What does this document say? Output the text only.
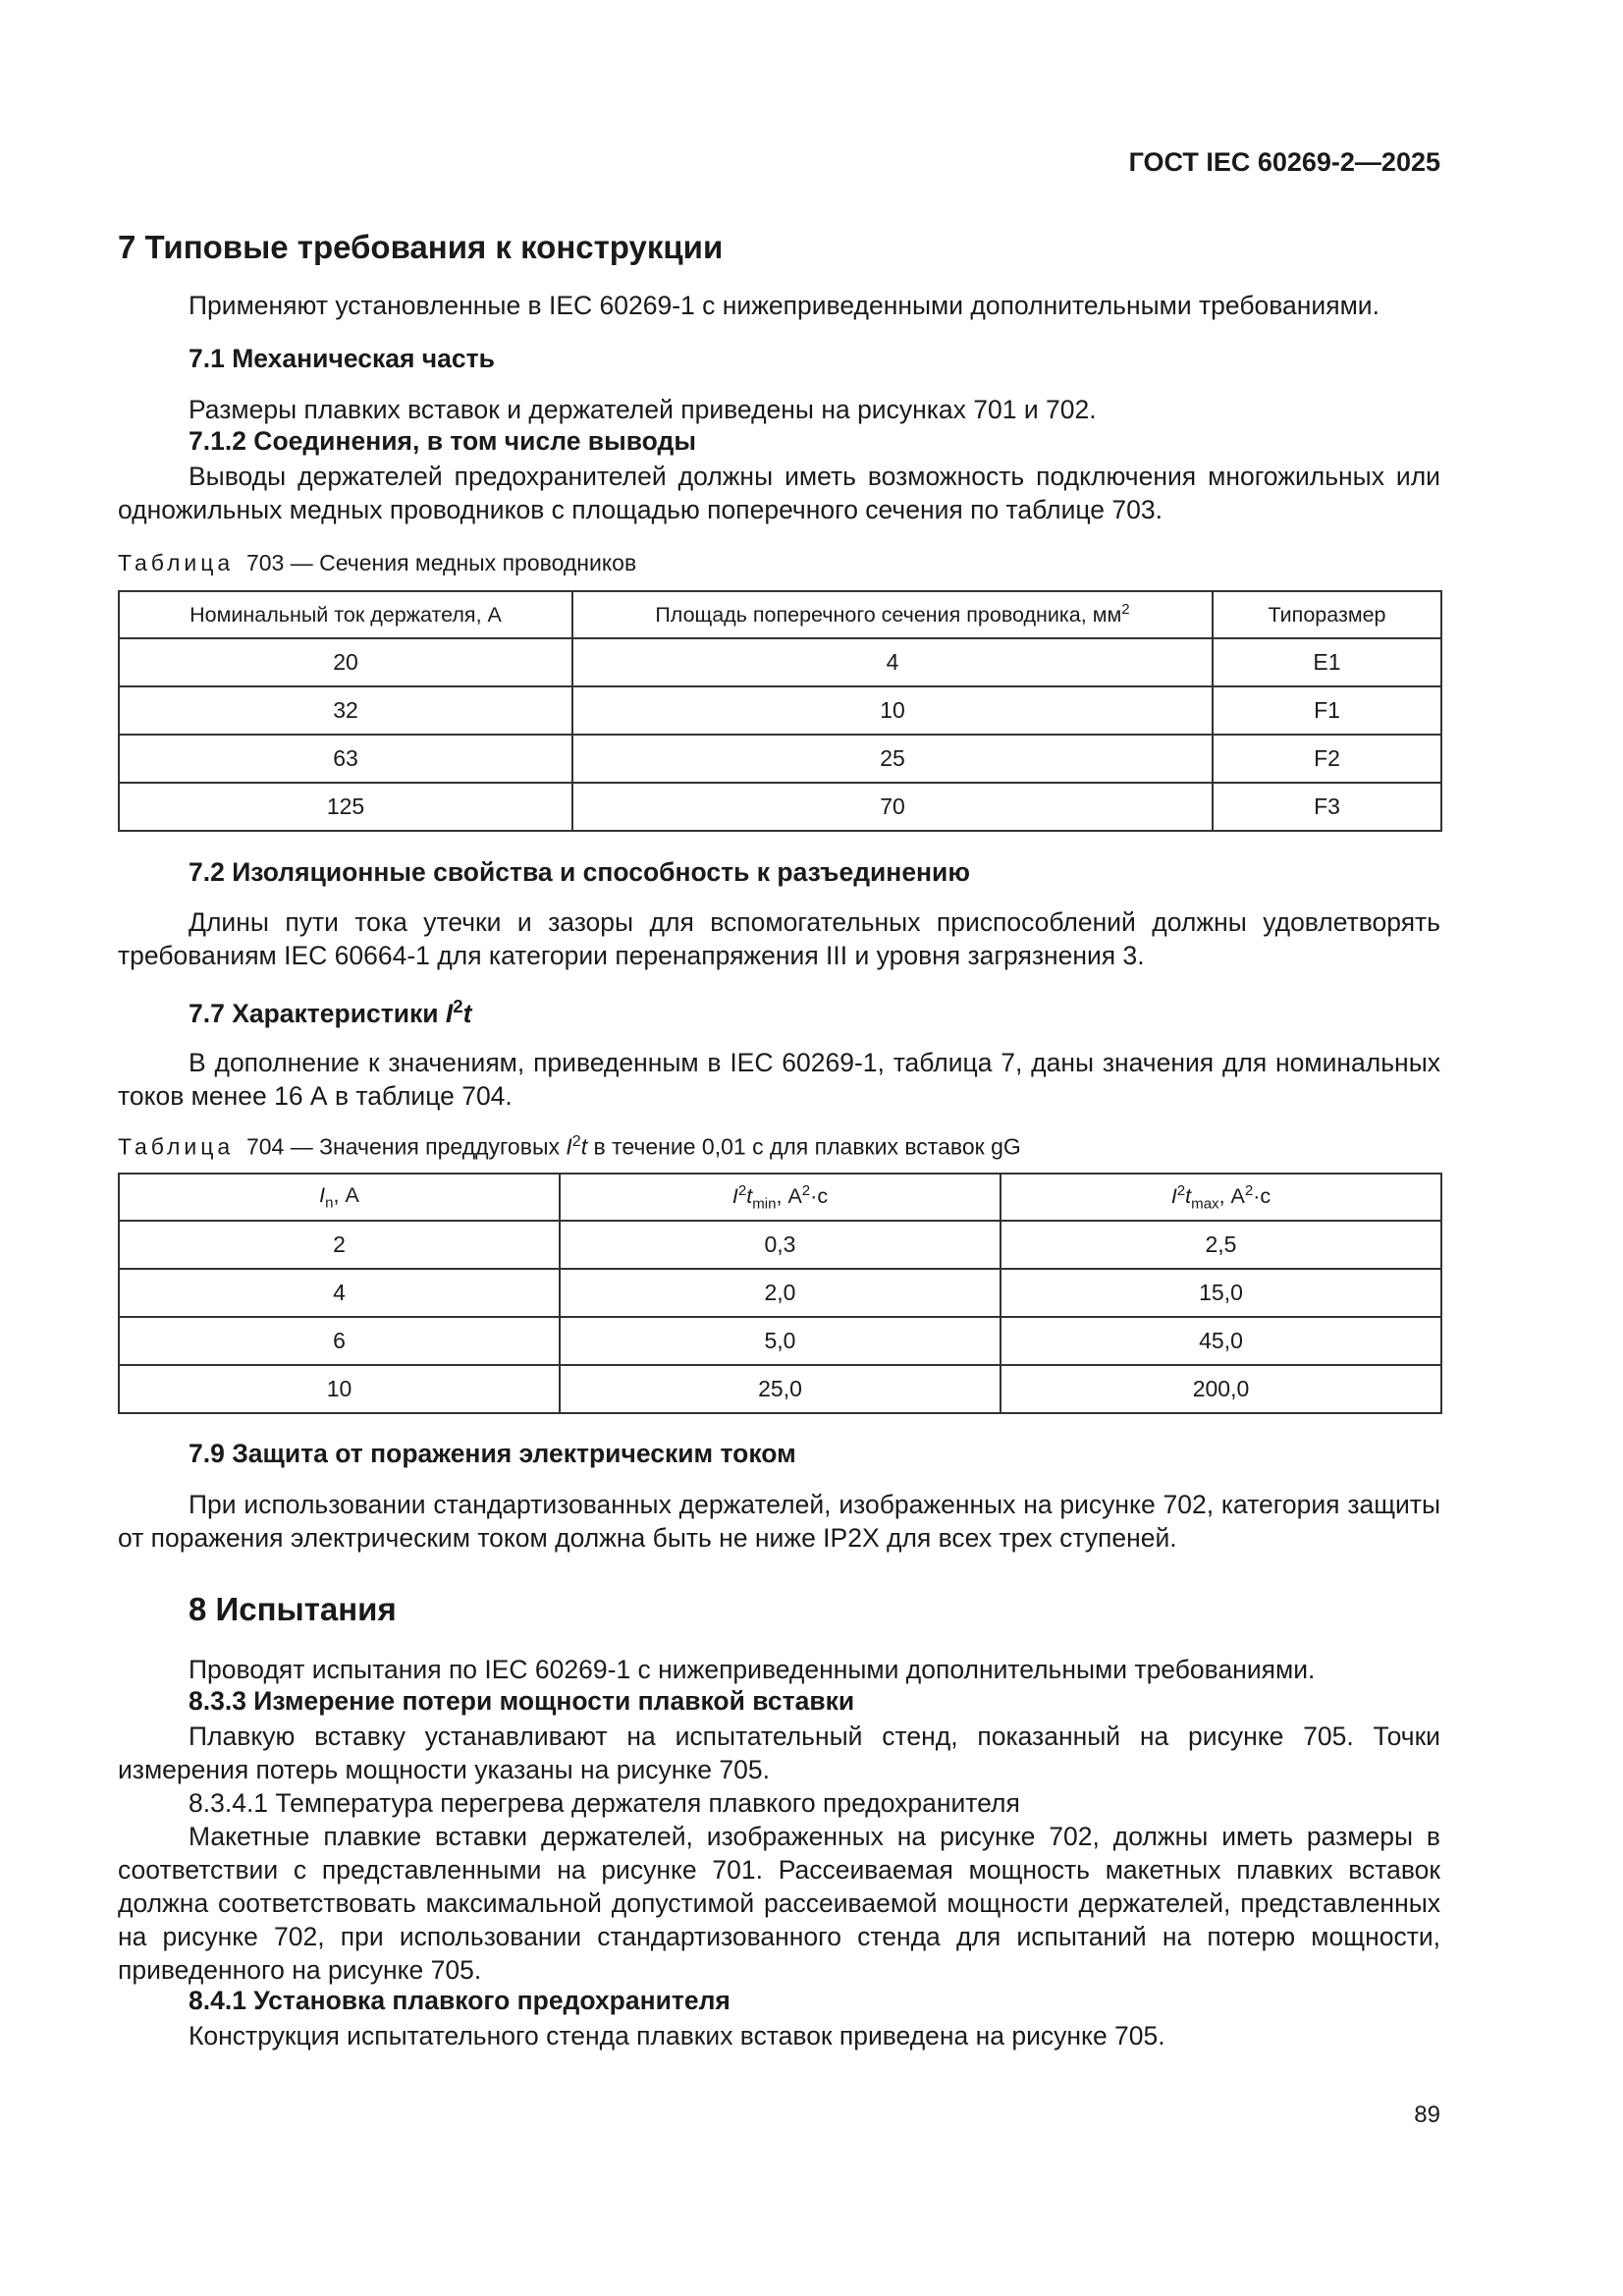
ГОСТ IEC 60269-2—2025

7 Типовые требования к конструкции

Применяют установленные в IEC 60269-1 с нижеприведенными дополнительными требованиями.

7.1 Механическая часть

Размеры плавких вставок и держателей приведены на рисунках 701 и 702.

7.1.2 Соединения, в том числе выводы

Выводы держателей предохранителей должны иметь возможность подключения многожильных или одножильных медных проводников с площадью поперечного сечения по таблице 703.

Таблица 703 — Сечения медных проводников

Номинальный ток держателя, А	Площадь поперечного сечения проводника, $мм^2$	Типоразмер
20	4	E1
32	10	F1
63	25	F2
125	70	F3

7.2 Изоляционные свойства и способность к разъединению

Длины пути тока утечки и зазоры для вспомогательных приспособлений должны удовлетворять требованиям IEC 60664-1 для категории перенапряжения III и уровня загрязнения 3.

7.7 Характеристики $I^2t$

В дополнение к значениям, приведенным в IEC 60269-1, таблица 7, даны значения для номинальных токов менее 16 А в таблице 704.

Таблица 704 — Значения преддуговых $I^2t$ в течение 0,01 с для плавких вставок gG

$I_n$, А	$I^2t_{min}$, $А^2\cdot с$	$I^2t_{max}$, $А^2\cdot с$
2	0,3	2,5
4	2,0	15,0
6	5,0	45,0
10	25,0	200,0

7.9 Защита от поражения электрическим током

При использовании стандартизованных держателей, изображенных на рисунке 702, категория защиты от поражения электрическим током должна быть не ниже IP2X для всех трех ступеней.

8 Испытания

Проводят испытания по IEC 60269-1 с нижеприведенными дополнительными требованиями.

8.3.3 Измерение потери мощности плавкой вставки

Плавкую вставку устанавливают на испытательный стенд, показанный на рисунке 705. Точки измерения потерь мощности указаны на рисунке 705.

8.3.4.1 Температура перегрева держателя плавкого предохранителя

Макетные плавкие вставки держателей, изображенных на рисунке 702, должны иметь размеры в соответствии с представленными на рисунке 701. Рассеиваемая мощность макетных плавких вставок должна соответствовать максимальной допустимой рассеиваемой мощности держателей, представленных на рисунке 702, при использовании стандартизованного стенда для испытаний на потерю мощности, приведенного на рисунке 705.

8.4.1 Установка плавкого предохранителя

Конструкция испытательного стенда плавких вставок приведена на рисунке 705.

89
